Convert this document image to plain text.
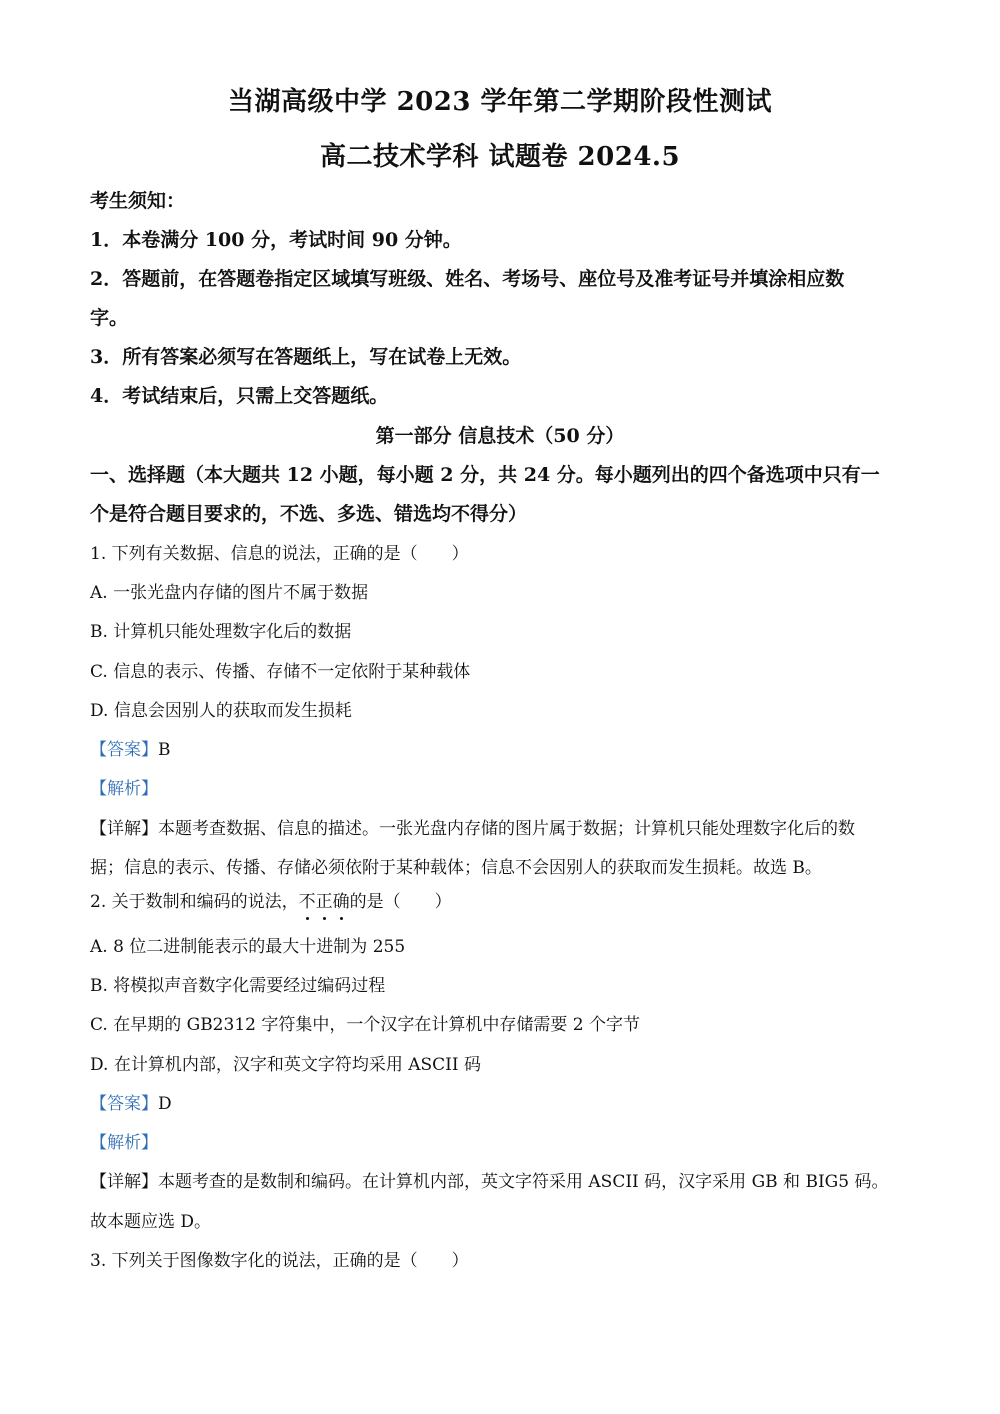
当湖高级中学 2023 学年第二学期阶段性测试
高二技术学科 试题卷 2024.5
考生须知：
1．本卷满分 100 分，考试时间 90 分钟。
2．答题前，在答题卷指定区域填写班级、姓名、考场号、座位号及准考证号并填涂相应数
字。
3．所有答案必须写在答题纸上，写在试卷上无效。
4．考试结束后，只需上交答题纸。
第一部分 信息技术（50 分）
一、选择题（本大题共 12 小题，每小题 2 分，共 24 分。每小题列出的四个备选项中只有一
个是符合题目要求的，不选、多选、错选均不得分）
1. 下列有关数据、信息的说法，正确的是（　　）
A. 一张光盘内存储的图片不属于数据
B. 计算机只能处理数字化后的数据
C. 信息的表示、传播、存储不一定依附于某种载体
D. 信息会因别人的获取而发生损耗
【答案】B
【解析】
【详解】本题考查数据、信息的描述。一张光盘内存储的图片属于数据；计算机只能处理数字化后的数
据；信息的表示、传播、存储必须依附于某种载体；信息不会因别人的获取而发生损耗。故选 B。
2. 关于数制和编码的说法，不正确的是（　　）
A. 8 位二进制能表示的最大十进制为 255
B. 将模拟声音数字化需要经过编码过程
C. 在早期的 GB2312 字符集中，一个汉字在计算机中存储需要 2 个字节
D. 在计算机内部，汉字和英文字符均采用 ASCII 码
【答案】D
【解析】
【详解】本题考查的是数制和编码。在计算机内部，英文字符采用 ASCII 码，汉字采用 GB 和 BIG5 码。
故本题应选 D。
3. 下列关于图像数字化的说法，正确的是（　　）
